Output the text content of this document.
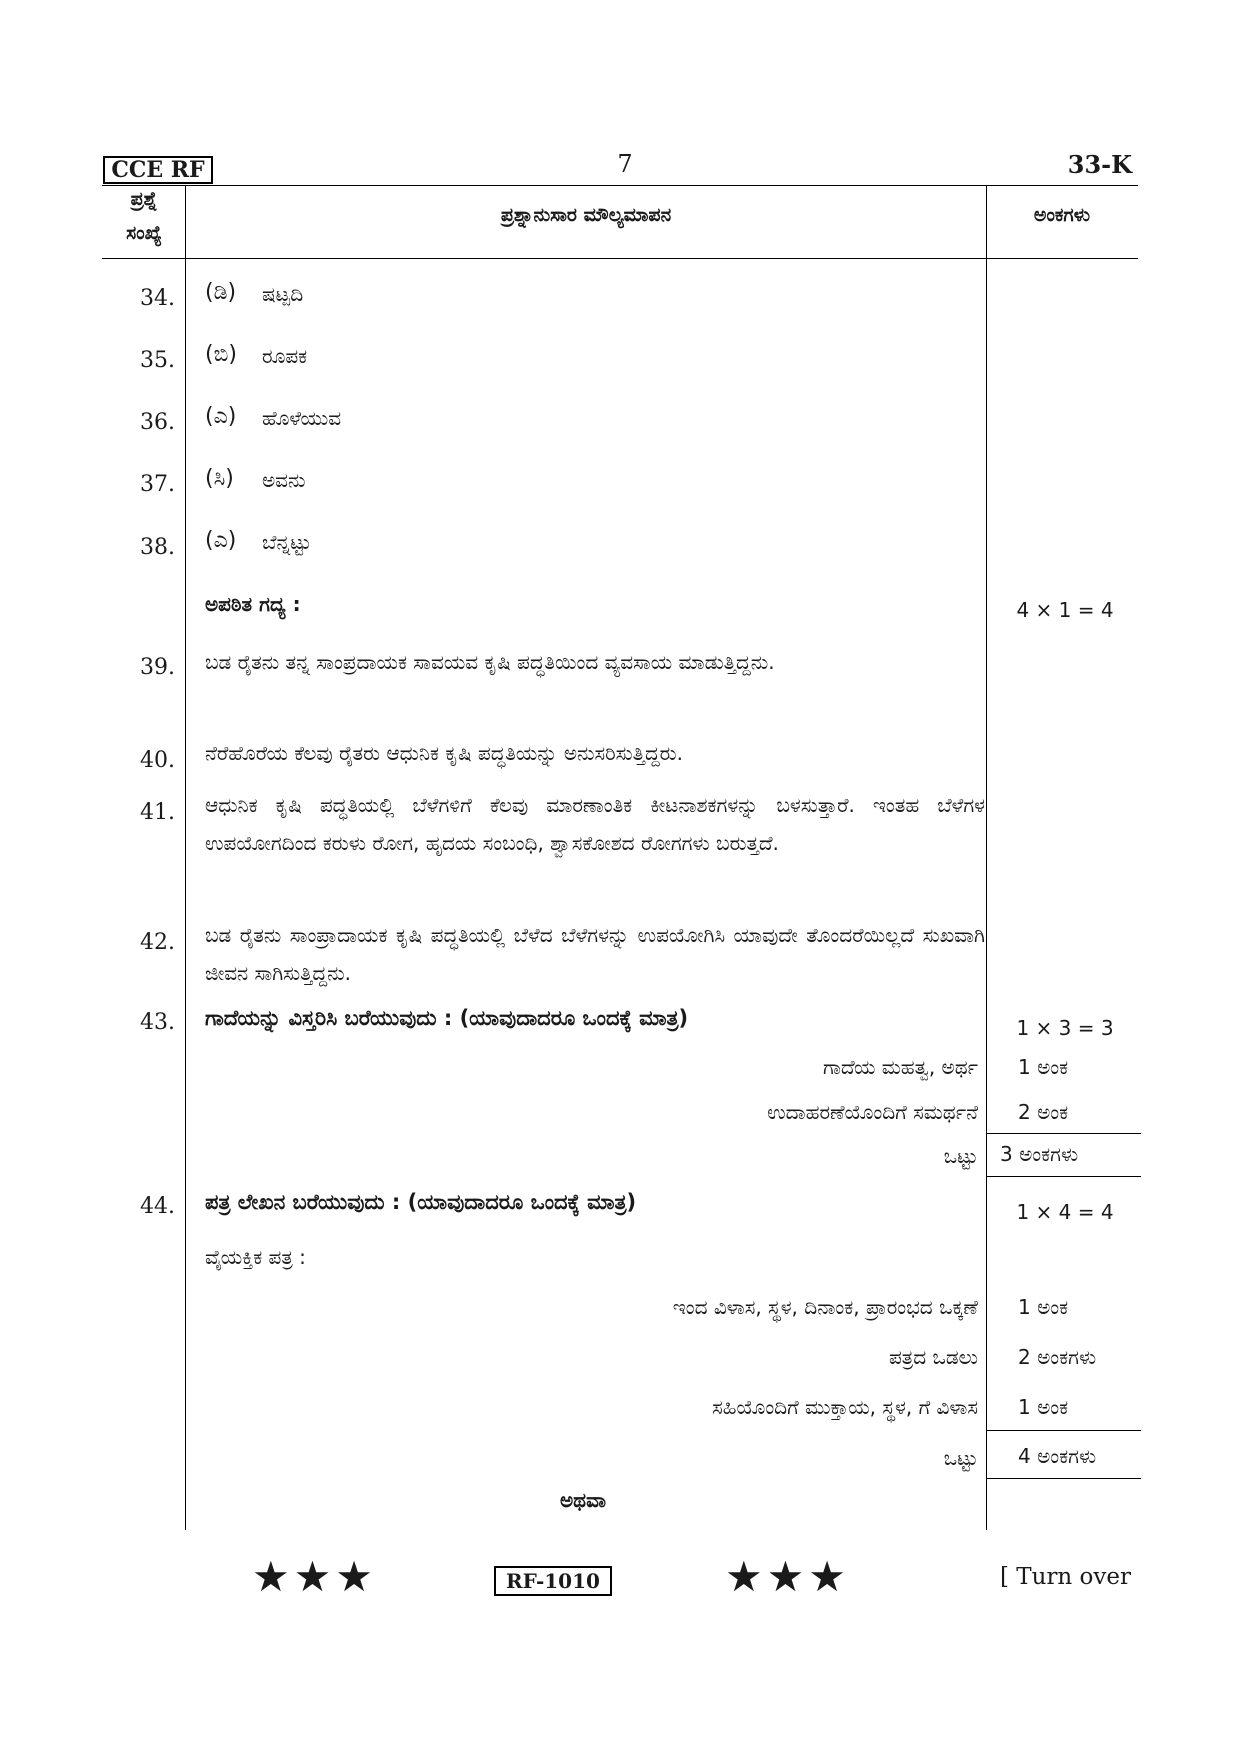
CCE RF	7	33-K
ಪ್ರಶ್ನೆ
ಸಂಖ್ಯೆ
ಪ್ರಶ್ನಾನುಸಾರ ಮೌಲ್ಯಮಾಪನ	ಅಂಕಗಳು
34. (ಡಿ) ಷಟ್ಪದಿ
35. (ಬಿ) ರೂಪಕ
36. (ಎ) ಹೊಳೆಯುವ
37. (ಸಿ) ಅವನು
38. (ಎ) ಬೆನ್ನಟ್ಟು
ಅಪಠಿತ ಗದ್ಯ :	4 × 1 = 4
39. ಬಡ ರೈತನು ತನ್ನ ಸಾಂಪ್ರದಾಯಕ ಸಾವಯವ ಕೃಷಿ ಪದ್ಧತಿಯಿಂದ ವ್ಯವಸಾಯ ಮಾಡುತ್ತಿದ್ದನು.
40. ನೆರೆಹೊರೆಯ ಕೆಲವು ರೈತರು ಆಧುನಿಕ ಕೃಷಿ ಪದ್ಧತಿಯನ್ನು ಅನುಸರಿಸುತ್ತಿದ್ದರು.
41. ಆಧುನಿಕ ಕೃಷಿ ಪದ್ಧತಿಯಲ್ಲಿ ಬೆಳೆಗಳಿಗೆ ಕೆಲವು ಮಾರಣಾಂತಿಕ ಕೀಟನಾಶಕಗಳನ್ನು ಬಳಸುತ್ತಾರೆ. ಇಂತಹ ಬೆಳೆಗಳ ಉಪಯೋಗದಿಂದ ಕರುಳು ರೋಗ, ಹೃದಯ ಸಂಬಂಧಿ, ಶ್ವಾಸಕೋಶದ ರೋಗಗಳು ಬರುತ್ತದೆ.
42. ಬಡ ರೈತನು ಸಾಂಪ್ರಾದಾಯಕ ಕೃಷಿ ಪದ್ಧತಿಯಲ್ಲಿ ಬೆಳೆದ ಬೆಳೆಗಳನ್ನು ಉಪಯೋಗಿಸಿ ಯಾವುದೇ ತೊಂದರೆಯಿಲ್ಲದೆ ಸುಖವಾಗಿ ಜೀವನ ಸಾಗಿಸುತ್ತಿದ್ದನು.
43. ಗಾದೆಯನ್ನು ವಿಸ್ತರಿಸಿ ಬರೆಯುವುದು : (ಯಾವುದಾದರೂ ಒಂದಕ್ಕೆ ಮಾತ್ರ)	1 × 3 = 3
ಗಾದೆಯ ಮಹತ್ವ, ಅರ್ಥ 1 ಅಂಕ
ಉದಾಹರಣೆಯೊಂದಿಗೆ ಸಮರ್ಥನೆ 2 ಅಂಕ
ಒಟ್ಟು 3 ಅಂಕಗಳು
44. ಪತ್ರ ಲೇಖನ ಬರೆಯುವುದು : (ಯಾವುದಾದರೂ ಒಂದಕ್ಕೆ ಮಾತ್ರ)	1 × 4 = 4
ವೈಯಕ್ತಿಕ ಪತ್ರ :
ಇಂದ ವಿಳಾಸ, ಸ್ಥಳ, ದಿನಾಂಕ, ಪ್ರಾರಂಭದ ಒಕ್ಕಣೆ 1 ಅಂಕ
ಪತ್ರದ ಒಡಲು 2 ಅಂಕಗಳು
ಸಹಿಯೊಂದಿಗೆ ಮುಕ್ತಾಯ, ಸ್ಥಳ, ಗೆ ವಿಳಾಸ 1 ಅಂಕ
ಒಟ್ಟು 4 ಅಂಕಗಳು
ಅಥವಾ
★★★	RF-1010	★★★	[ Turn over
